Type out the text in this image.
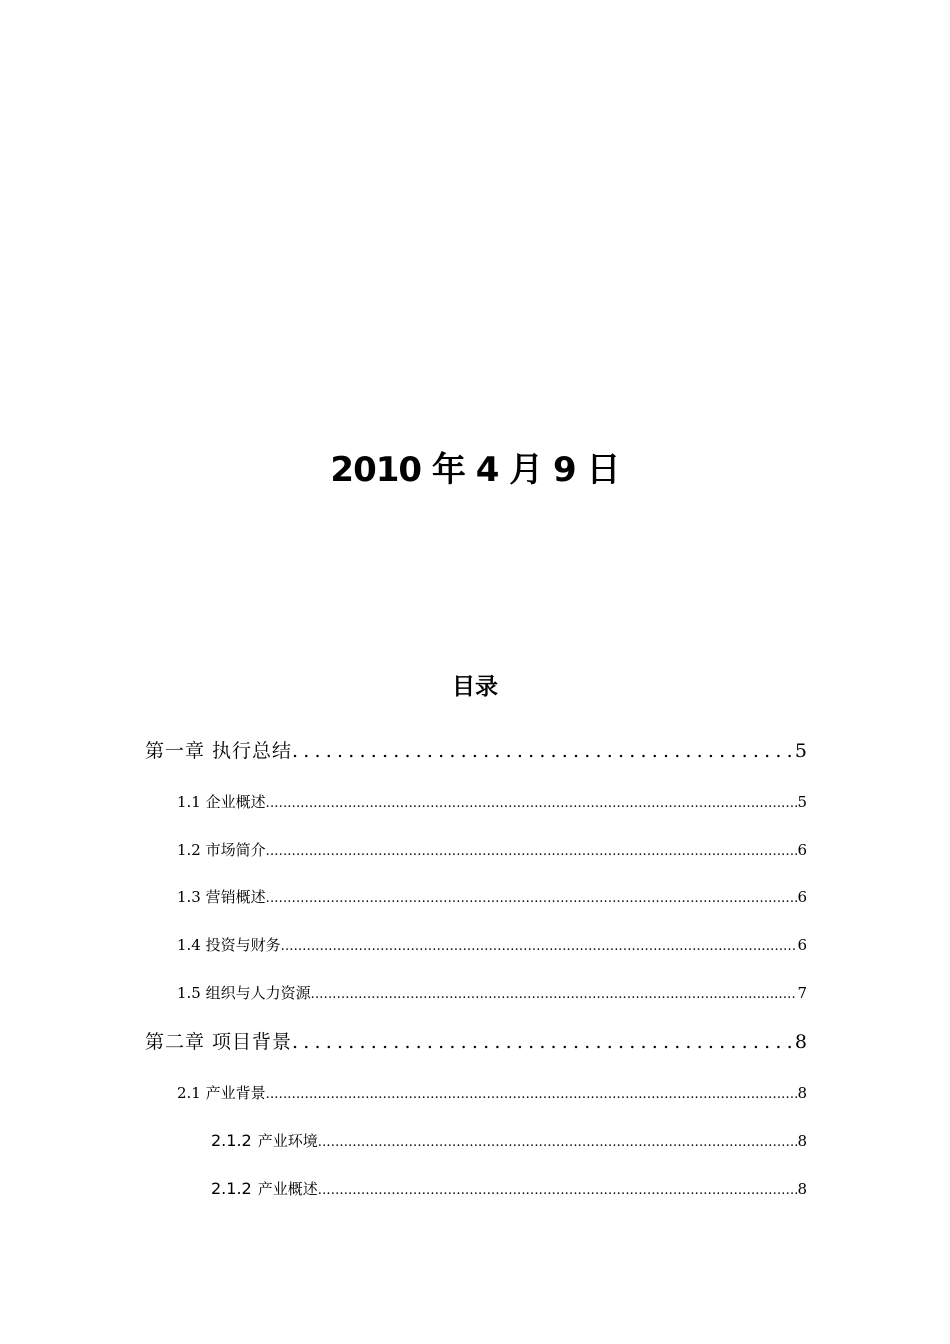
2010 年 4 月 9 日
目录
第一章 执行总结 .....	5
1.1 企业概述 .....	5
1.2 市场简介 .....	6
1.3 营销概述 .....	6
1.4 投资与财务 .....	6
1.5 组织与人力资源 .....	7
第二章 项目背景 .....	8
2.1 产业背景 .....	8
2.1.2 产业环境 .....	8
2.1.2 产业概述 .....	8
